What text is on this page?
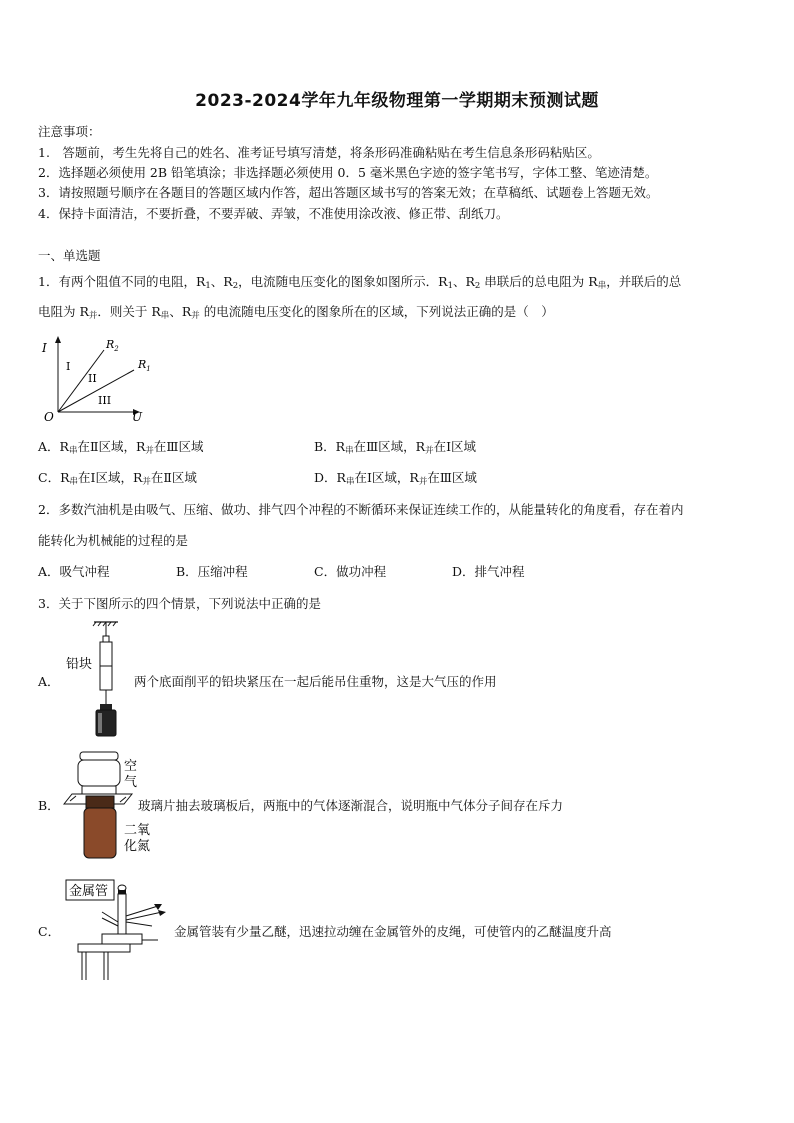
2023-2024学年九年级物理第一学期期末预测试题
注意事项：
1.　答题前，考生先将自己的姓名、准考证号填写清楚，将条形码准确粘贴在考生信息条形码粘贴区。
2．选择题必须使用 2B 铅笔填涂；非选择题必须使用 0．5 毫米黑色字迹的签字笔书写，字体工整、笔迹清楚。
3．请按照题号顺序在各题目的答题区域内作答，超出答题区域书写的答案无效；在草稿纸、试题卷上答题无效。
4．保持卡面清洁，不要折叠，不要弄破、弄皱，不准使用涂改液、修正带、刮纸刀。
一、单选题
1．有两个阻值不同的电阻，$R_1$、$R_2$，电流随电压变化的图象如图所示．$R_1$、$R_2$ 串联后的总电阻为 $R_串$，并联后的总
电阻为 $R_并$．则关于 $R_串$、$R_并$ 的电流随电压变化的图象所在的区域，下列说法正确的是（　）
I
U
O
$R_2$
$R_1$
I
II
III
A．$R_串$在Ⅱ区域，$R_并$在Ⅲ区域	B．$R_串$在Ⅲ区域，$R_并$在Ⅰ区域
C．$R_串$在Ⅰ区域，$R_并$在Ⅱ区域	D．$R_串$在Ⅰ区域，$R_并$在Ⅲ区域
2．多数汽油机是由吸气、压缩、做功、排气四个冲程的不断循环来保证连续工作的，从能量转化的角度看，存在着内
能转化为机械能的过程的是
A．吸气冲程	B．压缩冲程	C．做功冲程	D．排气冲程
3．关于下图所示的四个情景，下列说法中正确的是
A．
铅块
两个底面削平的铅块紧压在一起后能吊住重物，这是大气压的作用
B．
空
气
二氧
化氮
玻璃片抽去玻璃板后，两瓶中的气体逐渐混合，说明瓶中气体分子间存在斥力
C．
金属管
金属管装有少量乙醚，迅速拉动缠在金属管外的皮绳，可使管内的乙醚温度升高
